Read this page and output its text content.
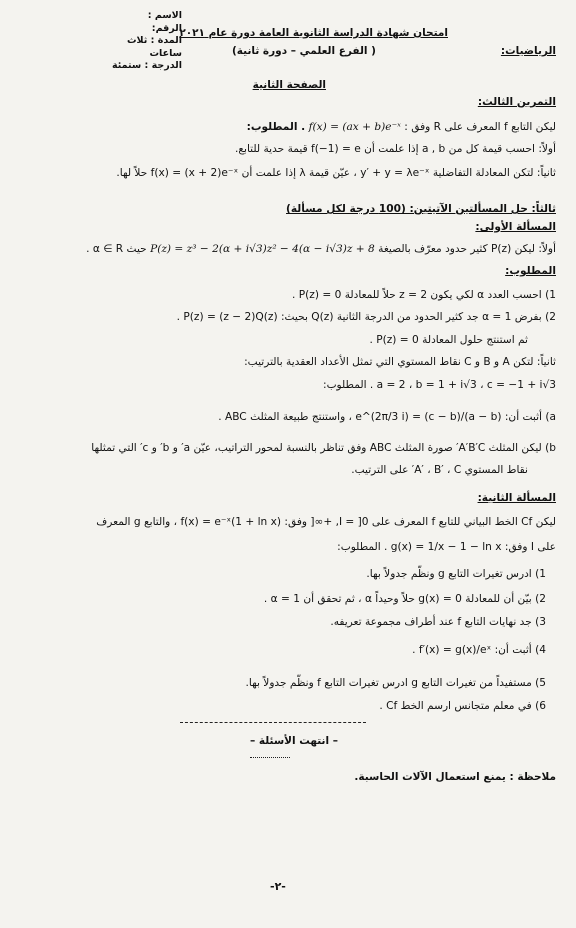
الاسم :
الرقم:
المدة : ثلاث ساعات
الدرجة : ستمئة
امتحان شهادة الدراسة الثانوية العامة دورة عام ٢٠٢١
( الفرع العلمي – دورة ثانية)	الرياضيات:
الصفحة الثانية
التمرين الثالث:
ليكن التابع f المعرف على R وفق : f(x) = (ax + b)e⁻ˣ . المطلوب:
أولاً: احسب قيمة كل من a , b إذا علمت أن f(−1) = e قيمة حدية للتابع.
ثانياً: لتكن المعادلة التفاضلية y′ + y = λe⁻ˣ ، عيّن قيمة λ إذا علمت أن f(x) = (x + 2)e⁻ˣ حلاً لها.
ثالثاً: حل المسألتين الآتيتين: (100 درجة لكل مسألة)
المسألة الأولى:
أولاً: ليكن P(z) كثير حدود معرّف بالصيغة P(z) = z³ − 2(α + i√3)z² − 4(α − i√3)z + 8 حيث α ∈ R .
المطلوب:
1) احسب العدد α لكي يكون z = 2 حلاً للمعادلة P(z) = 0 .
2) بفرض α = 1 جد كثير الحدود من الدرجة الثانية Q(z) بحيث: P(z) = (z − 2)Q(z) .
ثم استنتج حلول المعادلة P(z) = 0 .
ثانياً: لتكن A و B و C نقاط المستوي التي تمثل الأعداد العقدية بالترتيب:
a = 2 ، b = 1 + i√3 ، c = −1 + i√3 . المطلوب:
a) أثبت أن: (a − b)/(c − b) = e^(2π/3 i) ، واستنتج طبيعة المثلث ABC .
b) ليكن المثلث A′B′C′ صورة المثلث ABC وفق تناظر بالنسبة لمحور التراتيب، عيّن a′ و b′ و c′ التي تمثلها
نقاط المستوي A′ ، B′ ، C′ على الترتيب.
المسألة الثانية:
ليكن Cf الخط البياني للتابع f المعرف على I = ]0, +∞[ وفق: f(x) = e⁻ˣ(1 + ln x) ، والتابع g المعرف
على I وفق: g(x) = 1/x − 1 − ln x . المطلوب:
1) ادرس تغيرات التابع g ونظّم جدولاً بها.
2) بيّن أن للمعادلة g(x) = 0 حلاً وحيداً α ، ثم تحقق أن α = 1 .
3) جد نهايات التابع f عند أطراف مجموعة تعريفه.
4) أثبت أن: f′(x) = g(x)/eˣ .
5) مستفيداً من تغيرات التابع g ادرس تغيرات التابع f ونظّم جدولاً بها.
6) في معلم متجانس ارسم الخط Cf .
– انتهت الأسئلة –
ملاحظة : يمنع استعمال الآلات الحاسبة.
-٢-
